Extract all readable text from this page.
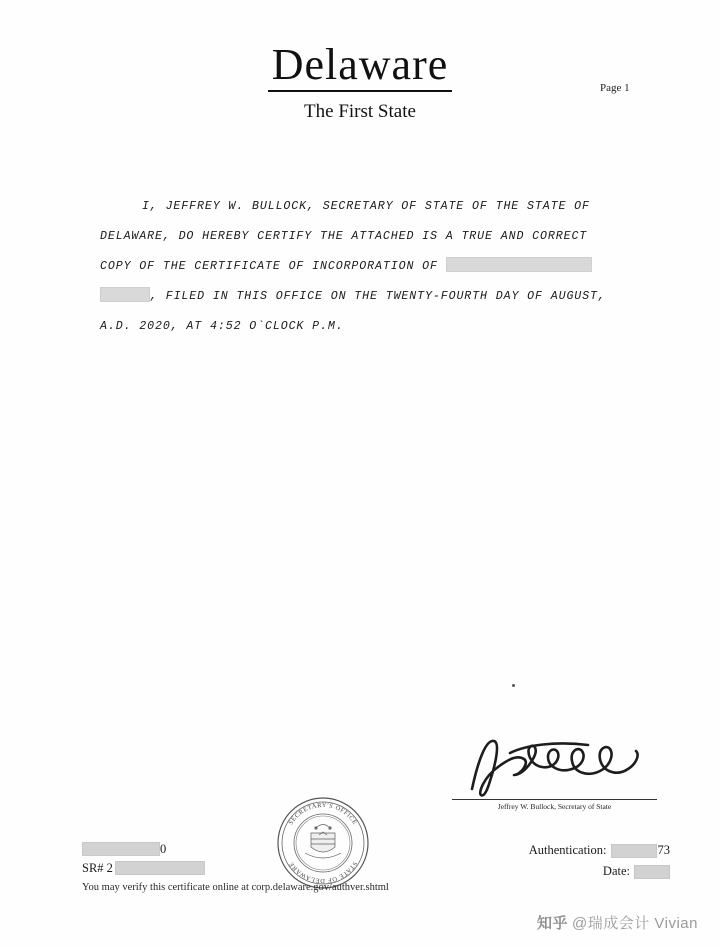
Delaware
The First State
Page 1
I, JEFFREY W. BULLOCK, SECRETARY OF STATE OF THE STATE OF
DELAWARE, DO HEREBY CERTIFY THE ATTACHED IS A TRUE AND CORRECT
COPY OF THE CERTIFICATE OF INCORPORATION OF
, FILED IN THIS OFFICE ON THE TWENTY-FOURTH DAY OF AUGUST,
A.D. 2020, AT 4:52 O`CLOCK P.M.
SECRETARY'S OFFICE
STATE OF DELAWARE
Jeffrey W. Bullock, Secretary of State
Authentication:	73
Date:
0
SR# 2
You may verify this certificate online at corp.delaware.gov/authver.shtml
知乎 @瑞成会计 Vivian
